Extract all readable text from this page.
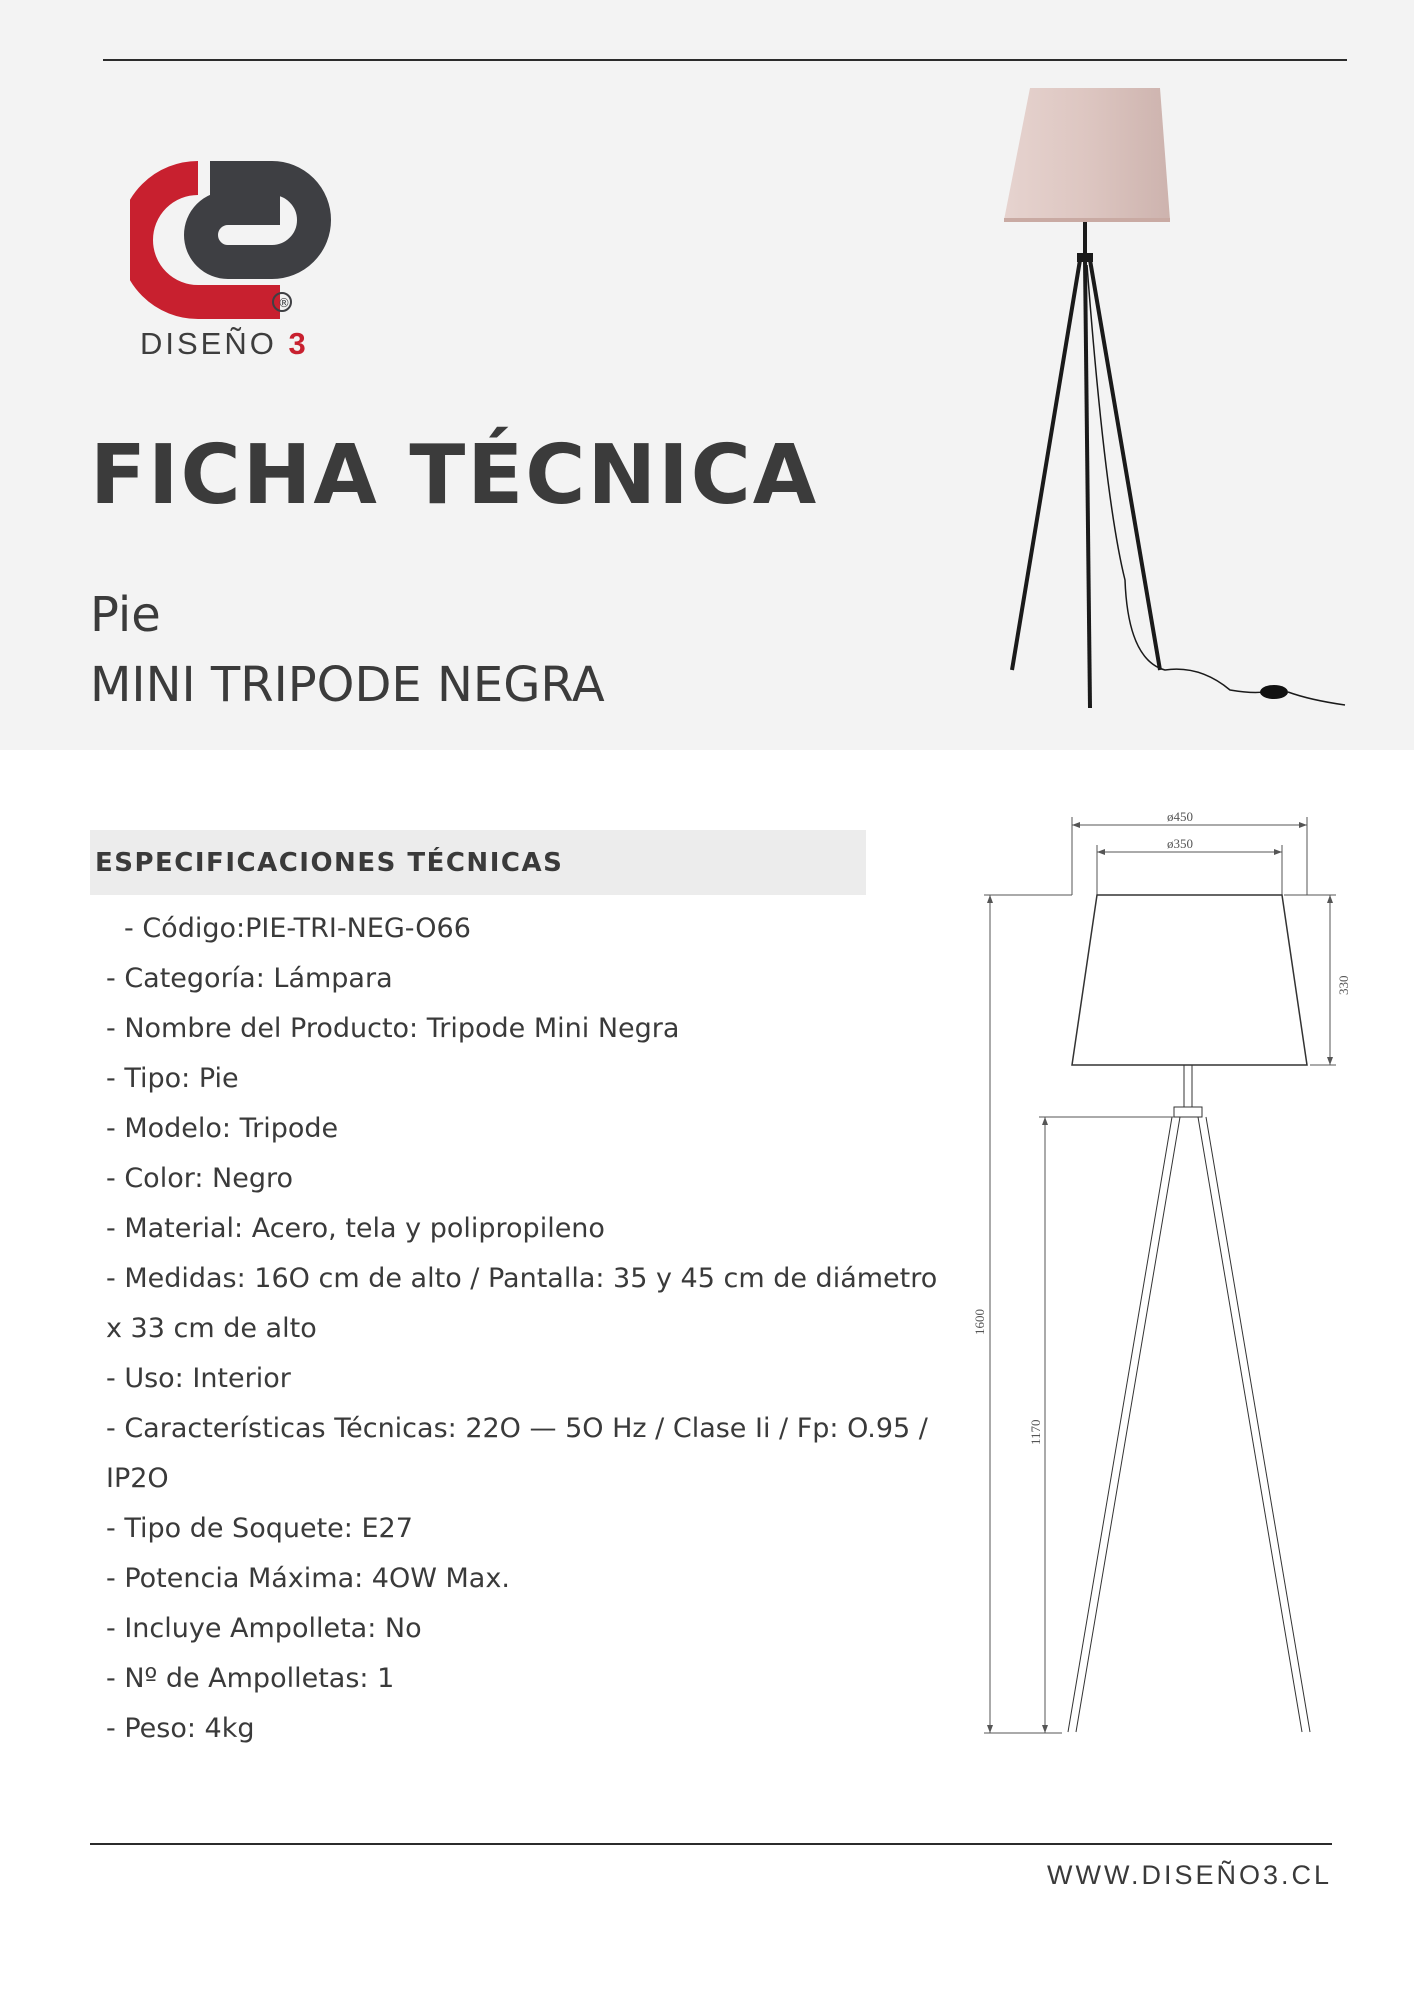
®
DISEÑO 3
FICHA TÉCNICA
Pie
MINI TRIPODE NEGRA
ESPECIFICACIONES TÉCNICAS
- Código:PIE-TRI-NEG-O66
- Categoría: Lámpara
- Nombre del Producto: Tripode Mini Negra
- Tipo: Pie
- Modelo: Tripode
- Color: Negro
- Material: Acero, tela y polipropileno
- Medidas: 16O cm de alto / Pantalla: 35 y 45 cm de diámetro x 33 cm de alto
- Uso: Interior
- Características Técnicas: 22O — 5O Hz / Clase Ii / Fp: O.95 / IP2O
- Tipo de Soquete: E27
- Potencia Máxima: 4OW Max.
- Incluye Ampolleta: No
- Nº de Ampolletas: 1
- Peso: 4kg
ø450
ø350
330
1600
1170
WWW.DISEÑO3.CL
